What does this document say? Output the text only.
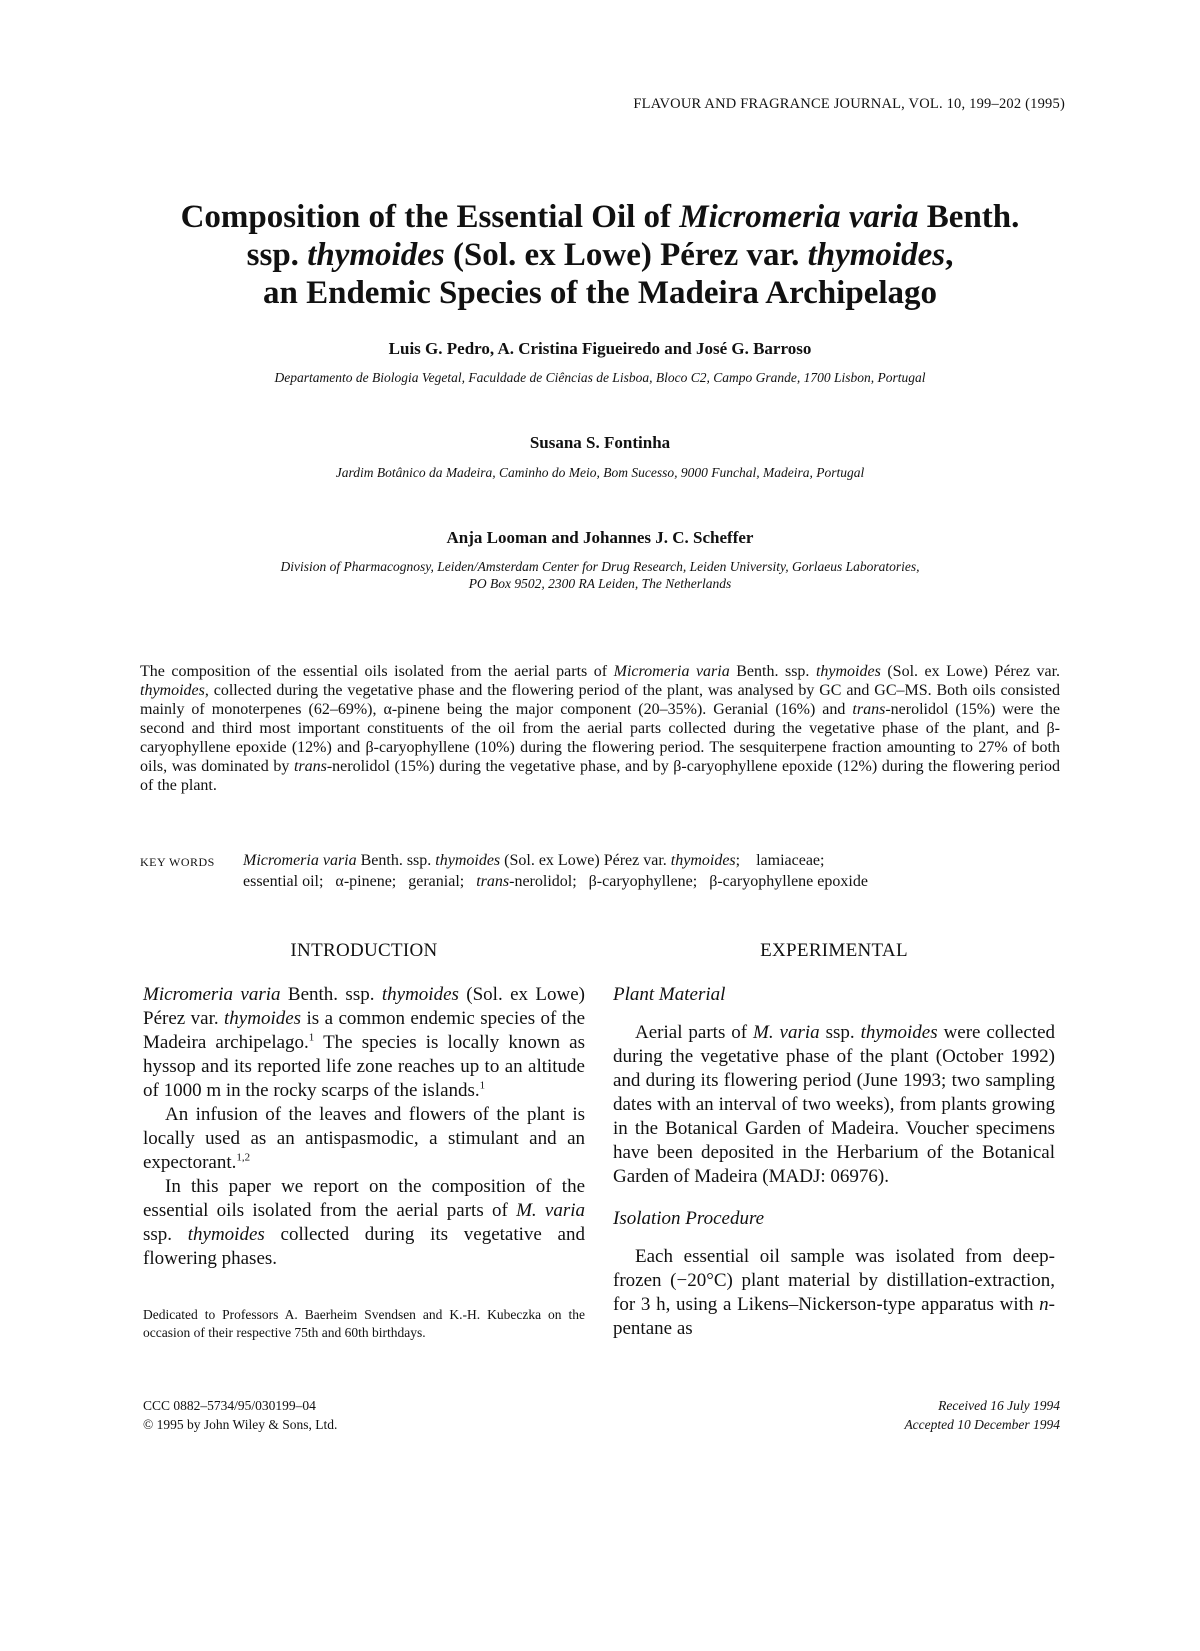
FLAVOUR AND FRAGRANCE JOURNAL, VOL. 10, 199–202 (1995)
Composition of the Essential Oil of Micromeria varia Benth.
ssp. thymoides (Sol. ex Lowe) Pérez var. thymoides,
an Endemic Species of the Madeira Archipelago
Luis G. Pedro, A. Cristina Figueiredo and José G. Barroso
Departamento de Biologia Vegetal, Faculdade de Ciências de Lisboa, Bloco C2, Campo Grande, 1700 Lisbon, Portugal
Susana S. Fontinha
Jardim Botânico da Madeira, Caminho do Meio, Bom Sucesso, 9000 Funchal, Madeira, Portugal
Anja Looman and Johannes J. C. Scheffer
Division of Pharmacognosy, Leiden/Amsterdam Center for Drug Research, Leiden University, Gorlaeus Laboratories,
PO Box 9502, 2300 RA Leiden, The Netherlands
The composition of the essential oils isolated from the aerial parts of Micromeria varia Benth. ssp. thymoides (Sol. ex Lowe) Pérez var. thymoides, collected during the vegetative phase and the flowering period of the plant, was analysed by GC and GC–MS. Both oils consisted mainly of monoterpenes (62–69%), α-pinene being the major component (20–35%). Geranial (16%) and trans-nerolidol (15%) were the second and third most important constituents of the oil from the aerial parts collected during the vegetative phase of the plant, and β-caryophyllene epoxide (12%) and β-caryophyllene (10%) during the flowering period. The sesquiterpene fraction amounting to 27% of both oils, was dominated by trans-nerolidol (15%) during the vegetative phase, and by β-caryophyllene epoxide (12%) during the flowering period of the plant.
KEY WORDS Micromeria varia Benth. ssp. thymoides (Sol. ex Lowe) Pérez var. thymoides;    lamiaceae;
essential oil;   α-pinene;   geranial;   trans-nerolidol;   β-caryophyllene;   β-caryophyllene epoxide
INTRODUCTION

Micromeria varia Benth. ssp. thymoides (Sol. ex Lowe) Pérez var. thymoides is a common endemic species of the Madeira archipelago.$^1$ The species is locally known as hyssop and its reported life zone reaches up to an altitude of 1000 m in the rocky scarps of the islands.$^1$

An infusion of the leaves and flowers of the plant is locally used as an antispasmodic, a stimulant and an expectorant.$^{1,2}$

In this paper we report on the composition of the essential oils isolated from the aerial parts of M. varia ssp. thymoides collected during its vegetative and flowering phases.

Dedicated to Professors A. Baerheim Svendsen and K.-H. Kubeczka on the occasion of their respective 75th and 60th birthdays.
EXPERIMENTAL
Plant Material

Aerial parts of M. varia ssp. thymoides were collected during the vegetative phase of the plant (October 1992) and during its flowering period (June 1993; two sampling dates with an interval of two weeks), from plants growing in the Botanical Garden of Madeira. Voucher specimens have been deposited in the Herbarium of the Botanical Garden of Madeira (MADJ: 06976).

Isolation Procedure

Each essential oil sample was isolated from deep-frozen (−20°C) plant material by distillation-extraction, for 3 h, using a Likens–Nickerson-type apparatus with n-pentane as

CCC 0882–5734/95/030199–04
© 1995 by John Wiley & Sons, Ltd.
Received 16 July 1994
Accepted 10 December 1994
